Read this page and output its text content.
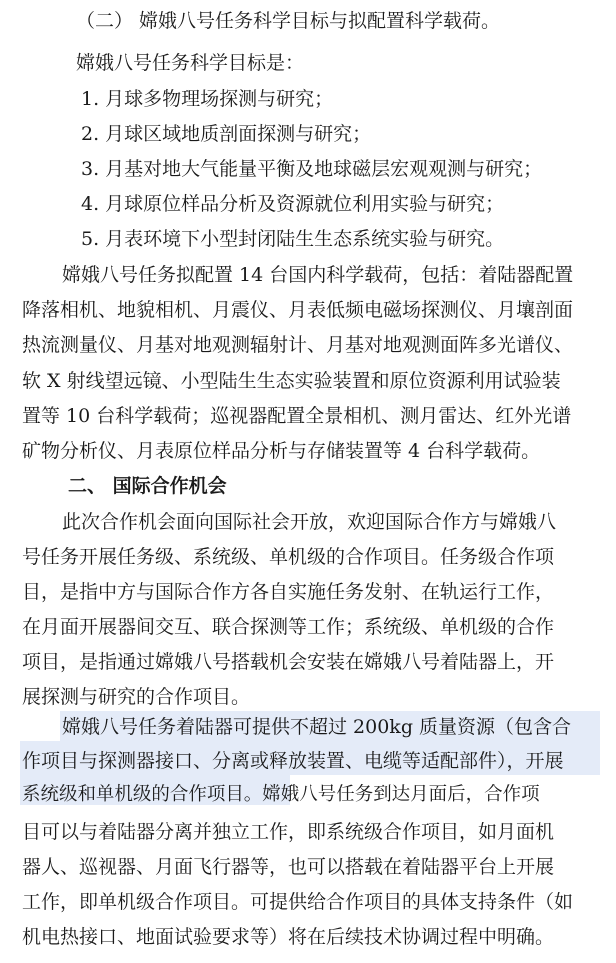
（二） 嫦娥八号任务科学目标与拟配置科学载荷。
嫦娥八号任务科学目标是：
1. 月球多物理场探测与研究；
2. 月球区域地质剖面探测与研究；
3. 月基对地大气能量平衡及地球磁层宏观观测与研究；
4. 月球原位样品分析及资源就位利用实验与研究；
5. 月表环境下小型封闭陆生生态系统实验与研究。
嫦娥八号任务拟配置 14 台国内科学载荷，包括：着陆器配置
降落相机、地貌相机、月震仪、月表低频电磁场探测仪、月壤剖面
热流测量仪、月基对地观测辐射计、月基对地观测面阵多光谱仪、
软 X 射线望远镜、小型陆生生态实验装置和原位资源利用试验装
置等 10 台科学载荷；巡视器配置全景相机、测月雷达、红外光谱
矿物分析仪、月表原位样品分析与存储装置等 4 台科学载荷。
二、 国际合作机会
此次合作机会面向国际社会开放，欢迎国际合作方与嫦娥八
号任务开展任务级、系统级、单机级的合作项目。任务级合作项
目，是指中方与国际合作方各自实施任务发射、在轨运行工作，
在月面开展器间交互、联合探测等工作；系统级、单机级的合作
项目，是指通过嫦娥八号搭载机会安装在嫦娥八号着陆器上，开
展探测与研究的合作项目。
嫦娥八号任务着陆器可提供不超过 200kg 质量资源（包含合
作项目与探测器接口、分离或释放装置、电缆等适配部件），开展
系统级和单机级的合作项目。嫦娥八号任务到达月面后，合作项
目可以与着陆器分离并独立工作，即系统级合作项目，如月面机
器人、巡视器、月面飞行器等，也可以搭载在着陆器平台上开展
工作，即单机级合作项目。可提供给合作项目的具体支持条件（如
机电热接口、地面试验要求等）将在后续技术协调过程中明确。
